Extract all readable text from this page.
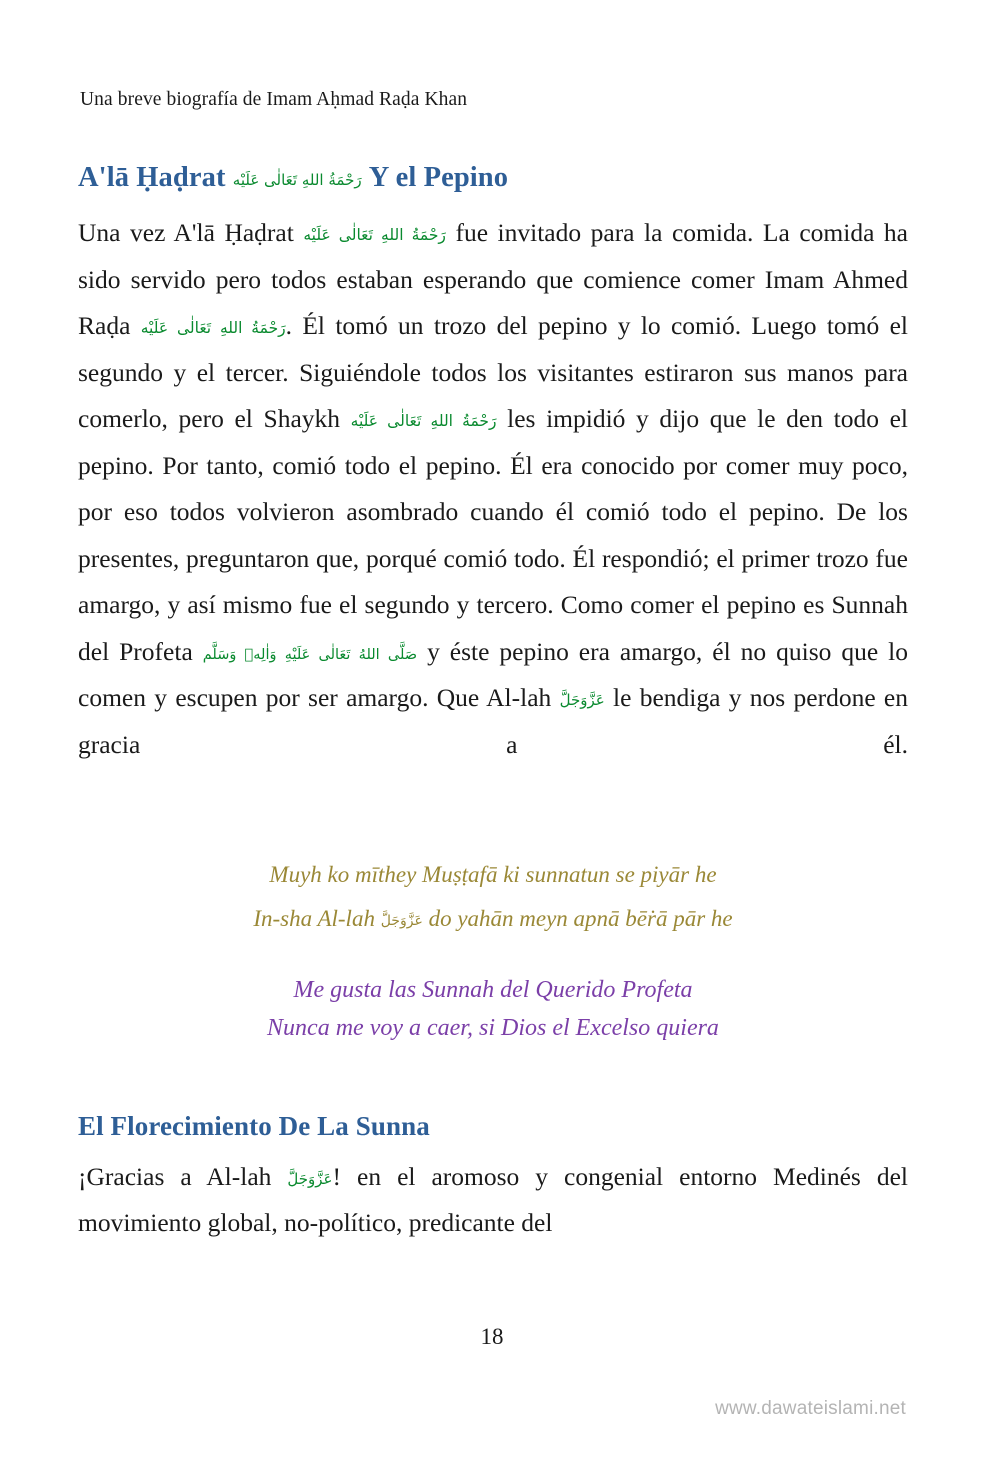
Una breve biografía de Imam Aḥmad Raḍa Khan
A'lā Ḥaḍrat رَحْمَةُ اللهِ تَعَالٰی عَلَيْه Y el Pepino

Una vez A'lā Ḥaḍrat رَحْمَةُ اللهِ تَعَالٰی عَلَيْه fue invitado para la comida. La comida ha sido servido pero todos estaban esperando que comience comer Imam Ahmed Raḍa رَحْمَةُ اللهِ تَعَالٰی عَلَيْه. Él tomó un trozo del pepino y lo comió. Luego tomó el segundo y el tercer. Siguiéndole todos los visitantes estiraron sus manos para comerlo, pero el Shaykh رَحْمَةُ اللهِ تَعَالٰی عَلَيْه les impidió y dijo que le den todo el pepino. Por tanto, comió todo el pepino. Él era conocido por comer muy poco, por eso todos volvieron asombrado cuando él comió todo el pepino. De los presentes, preguntaron que, porqué comió todo. Él respondió; el primer trozo fue amargo, y así mismo fue el segundo y tercero. Como comer el pepino es Sunnah del Profeta صَلَّى اللهُ تَعَالٰى عَلَيْهِ وَاٰلِهٖ وَسَلَّم y éste pepino era amargo, él no quiso que lo comen y escupen por ser amargo. Que Al-lah عَزَّوَجَلَّ le bendiga y nos perdone en gracia a él.

Muyh ko mīthey Muṣṭafā ki sunnatun se piyār he
In-sha Al-lah عَزَّوَجَلَّ do yahān meyn apnā bēṙā pār he
Me gusta las Sunnah del Querido Profeta
Nunca me voy a caer, si Dios el Excelso quiera
El Florecimiento De La Sunna

¡Gracias a Al-lah عَزَّوَجَلَّ! en el aromoso y congenial entorno Medinés del movimiento global, no-político, predicante del

18
www.dawateislami.net
